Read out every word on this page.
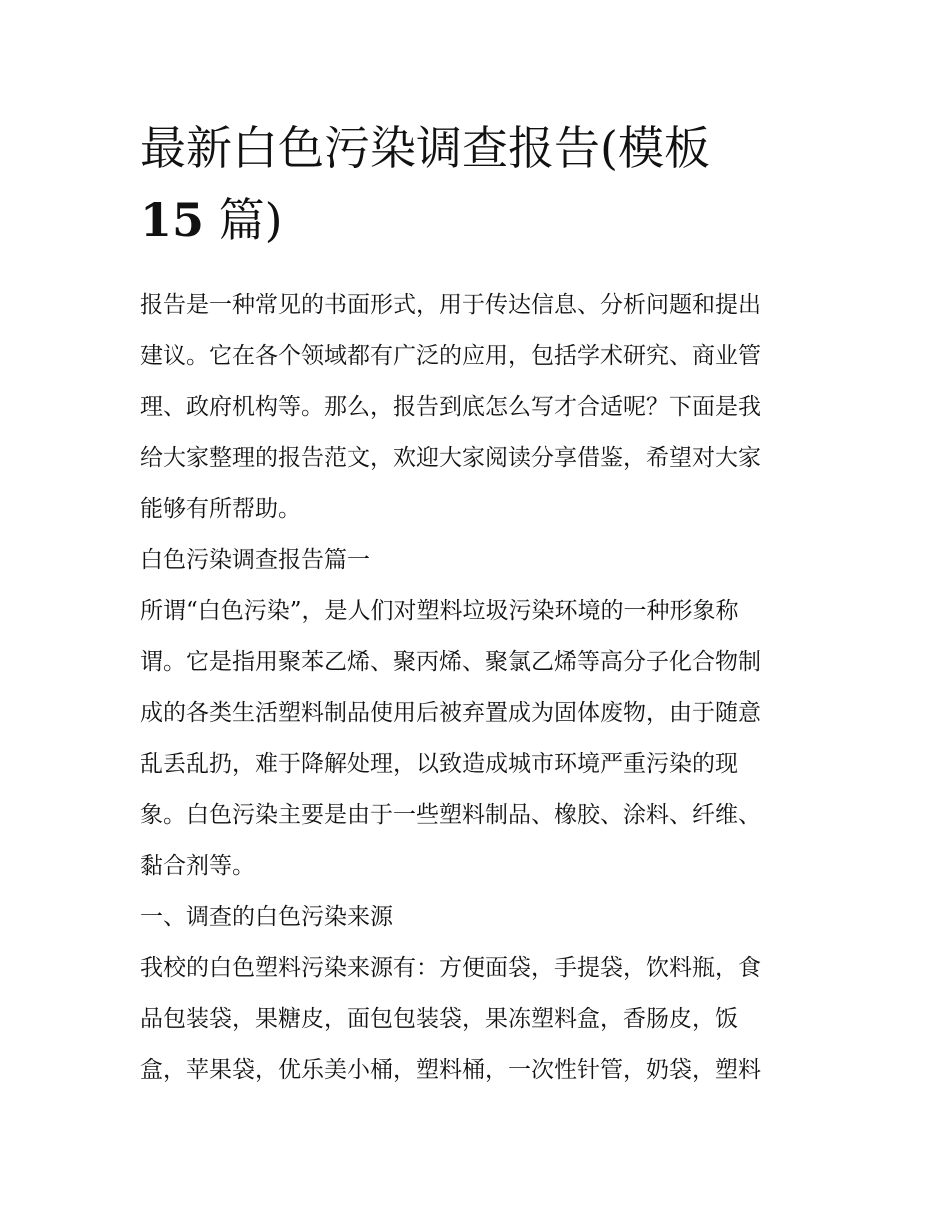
最新白色污染调查报告(模板
15 篇)
报告是一种常见的书面形式，用于传达信息、分析问题和提出
建议。它在各个领域都有广泛的应用，包括学术研究、商业管
理、政府机构等。那么，报告到底怎么写才合适呢？下面是我
给大家整理的报告范文，欢迎大家阅读分享借鉴，希望对大家
能够有所帮助。
白色污染调查报告篇一
所谓“白色污染”，是人们对塑料垃圾污染环境的一种形象称
谓。它是指用聚苯乙烯、聚丙烯、聚氯乙烯等高分子化合物制
成的各类生活塑料制品使用后被弃置成为固体废物，由于随意
乱丢乱扔，难于降解处理，以致造成城市环境严重污染的现
象。白色污染主要是由于一些塑料制品、橡胶、涂料、纤维、
黏合剂等。
一、调查的白色污染来源
我校的白色塑料污染来源有：方便面袋，手提袋，饮料瓶，食
品包装袋，果糖皮，面包包装袋，果冻塑料盒，香肠皮，饭
盒，苹果袋，优乐美小桶，塑料桶，一次性针管，奶袋，塑料
